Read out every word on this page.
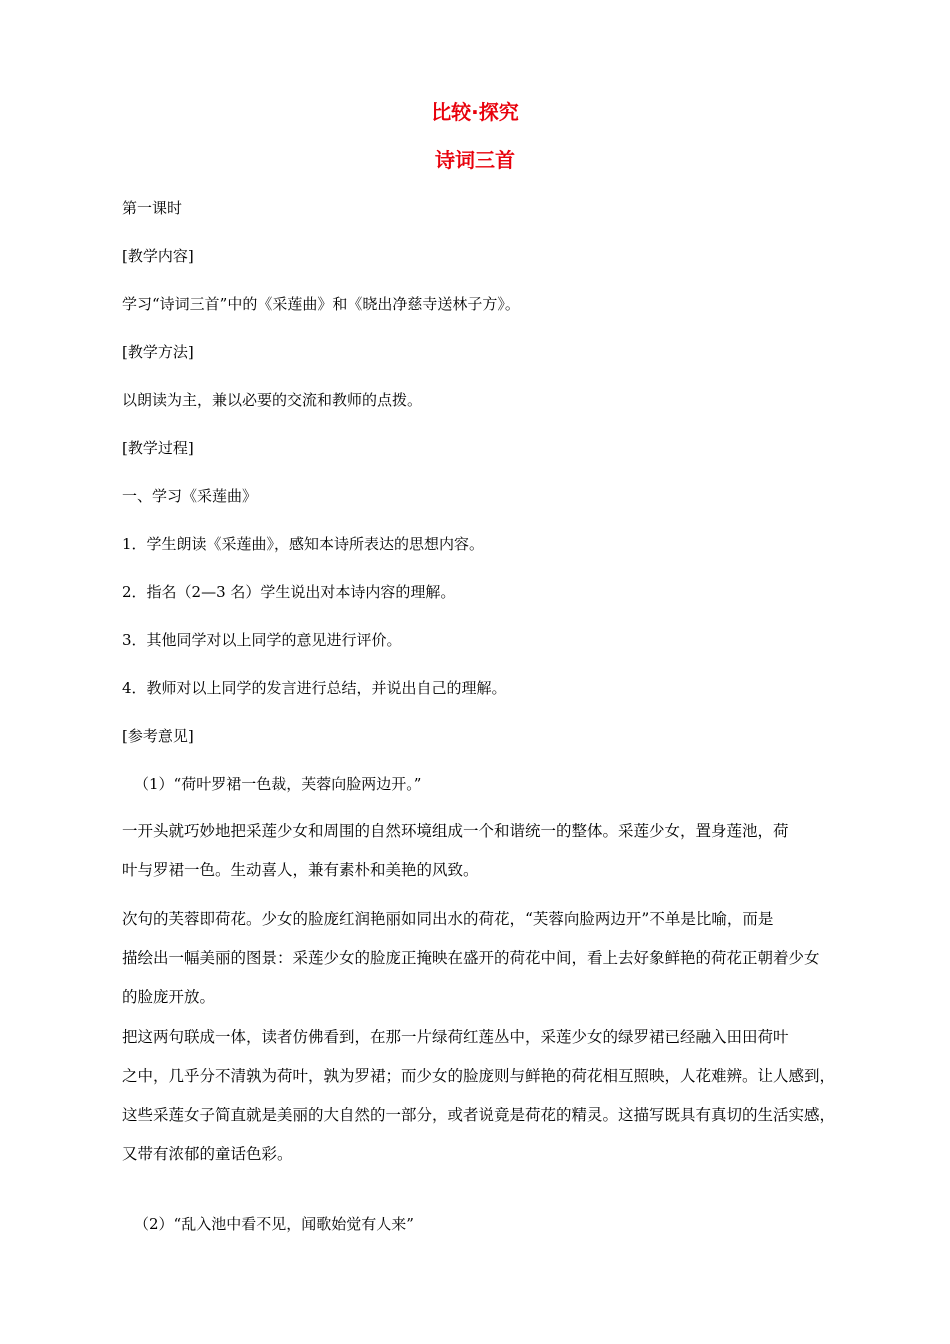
比较·探究
诗词三首
第一课时
[教学内容]
学习“诗词三首”中的《采莲曲》和《晓出净慈寺送林子方》。
[教学方法]
以朗读为主，兼以必要的交流和教师的点拨。
[教学过程]
一、学习《采莲曲》
1．学生朗读《采莲曲》，感知本诗所表达的思想内容。
2．指名（2—3 名）学生说出对本诗内容的理解。
3．其他同学对以上同学的意见进行评价。
4．教师对以上同学的发言进行总结，并说出自己的理解。
[参考意见]
（1）“荷叶罗裙一色裁，芙蓉向脸两边开。”
一开头就巧妙地把采莲少女和周围的自然环境组成一个和谐统一的整体。采莲少女，置身莲池，荷
叶与罗裙一色。生动喜人，兼有素朴和美艳的风致。
次句的芙蓉即荷花。少女的脸庞红润艳丽如同出水的荷花，“芙蓉向脸两边开”不单是比喻，而是
描绘出一幅美丽的图景：采莲少女的脸庞正掩映在盛开的荷花中间，看上去好象鲜艳的荷花正朝着少女
的脸庞开放。
把这两句联成一体，读者仿佛看到，在那一片绿荷红莲丛中，采莲少女的绿罗裙已经融入田田荷叶
之中，几乎分不清孰为荷叶，孰为罗裙；而少女的脸庞则与鲜艳的荷花相互照映，人花难辨。让人感到，
这些采莲女子简直就是美丽的大自然的一部分，或者说竟是荷花的精灵。这描写既具有真切的生活实感，
又带有浓郁的童话色彩。
（2）“乱入池中看不见，闻歌始觉有人来”
